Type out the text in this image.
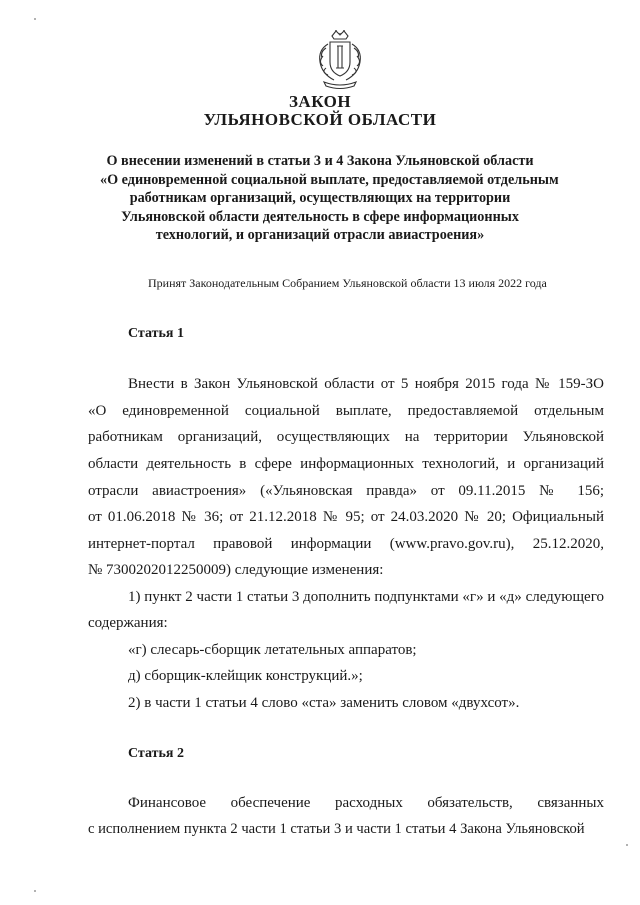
ЗАКОН
УЛЬЯНОВСКОЙ ОБЛАСТИ
О внесении изменений в статьи 3 и 4 Закона Ульяновской области
«О единовременной социальной выплате, предоставляемой отдельным
работникам организаций, осуществляющих на территории
Ульяновской области деятельность в сфере информационных
технологий, и организаций отрасли авиастроения»
Принят Законодательным Собранием Ульяновской области 13 июля 2022 года
Статья 1
Внести в Закон Ульяновской области от 5 ноября 2015 года № 159-ЗО
«О единовременной социальной выплате, предоставляемой отдельным
работникам организаций, осуществляющих на территории Ульяновской
области деятельность в сфере информационных технологий, и организаций
отрасли авиастроения» («Ульяновская правда» от 09.11.2015 № 156;
от 01.06.2018 № 36; от 21.12.2018 № 95; от 24.03.2020 № 20; Официальный
интернет-портал правовой информации (www.pravo.gov.ru), 25.12.2020,
№ 7300202012250009) следующие изменения:
1) пункт 2 части 1 статьи 3 дополнить подпунктами «г» и «д» следующего
содержания:
«г) слесарь-сборщик летательных аппаратов;
д) сборщик-клейщик конструкций.»;
2) в части 1 статьи 4 слово «ста» заменить словом «двухсот».
Статья 2
Финансовое обеспечение расходных обязательств, связанных
с исполнением пункта 2 части 1 статьи 3 и части 1 статьи 4 Закона Ульяновской
